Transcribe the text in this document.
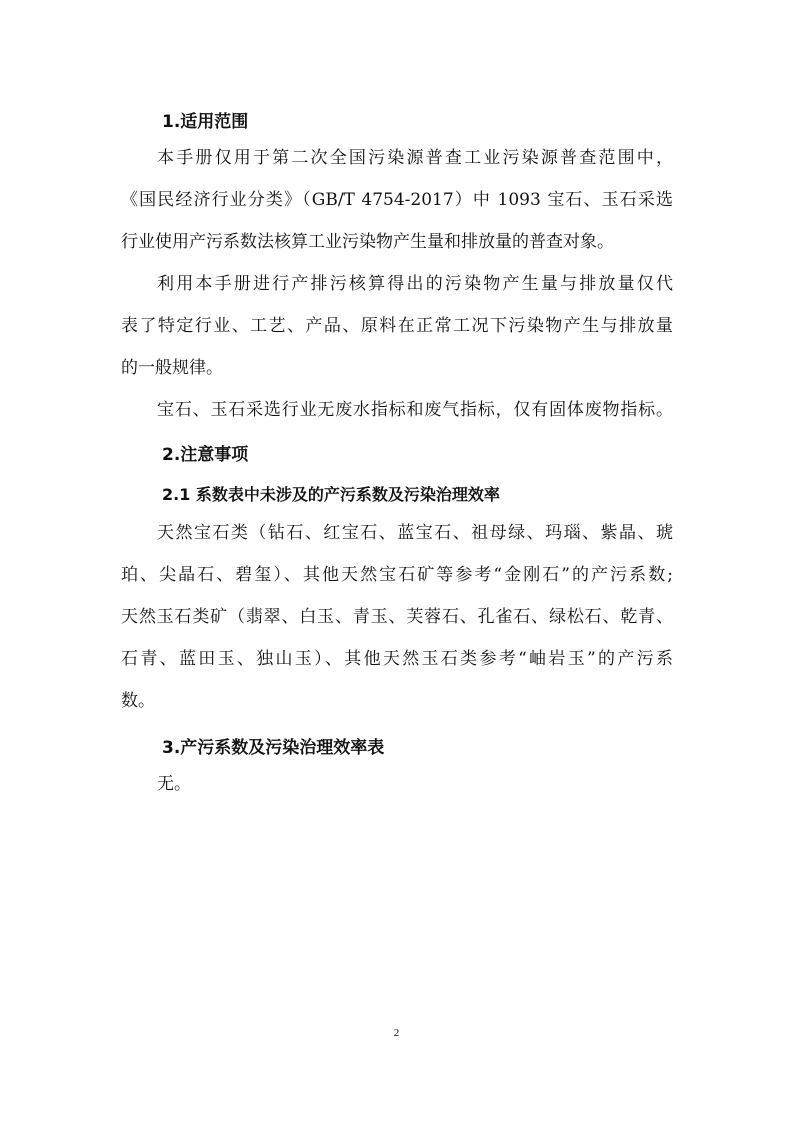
1.适用范围
本手册仅用于第二次全国污染源普查工业污染源普查范围中，
《国民经济行业分类》（GB/T 4754-2017）中 1093 宝石、玉石采选
行业使用产污系数法核算工业污染物产生量和排放量的普查对象。
利用本手册进行产排污核算得出的污染物产生量与排放量仅代
表了特定行业、工艺、产品、原料在正常工况下污染物产生与排放量
的一般规律。
宝石、玉石采选行业无废水指标和废气指标，仅有固体废物指标。
2.注意事项
2.1 系数表中未涉及的产污系数及污染治理效率
天然宝石类（钻石、红宝石、蓝宝石、祖母绿、玛瑙、紫晶、琥
珀、尖晶石、碧玺）、其他天然宝石矿等参考“金刚石”的产污系数;
天然玉石类矿（翡翠、白玉、青玉、芙蓉石、孔雀石、绿松石、乾青、
石青、蓝田玉、独山玉）、其他天然玉石类参考“岫岩玉”的产污系
数。
3.产污系数及污染治理效率表
无。
2
